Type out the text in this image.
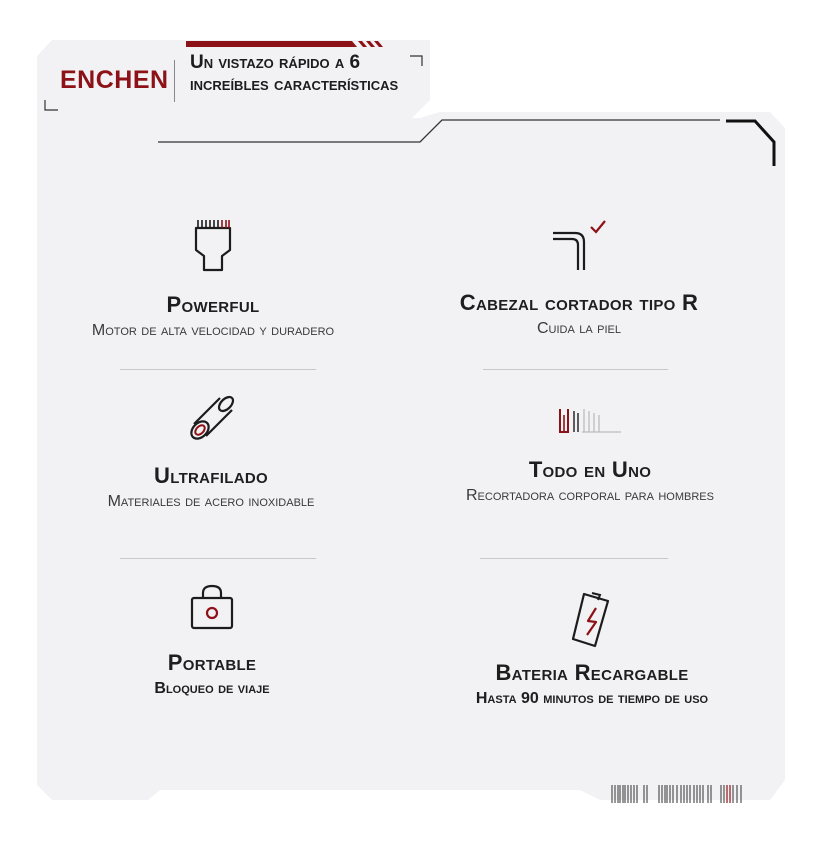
ENCHEN
Un vistazo rápido a 6 increíbles características
Powerful
Motor de alta velocidad y duradero
Cabezal cortador tipo R
Cuida la piel
Ultrafilado
Materiales de acero inoxidable
Todo en Uno
Recortadora corporal para hombres
Portable
Bloqueo de viaje
Bateria Recargable
Hasta 90 minutos de tiempo de uso
